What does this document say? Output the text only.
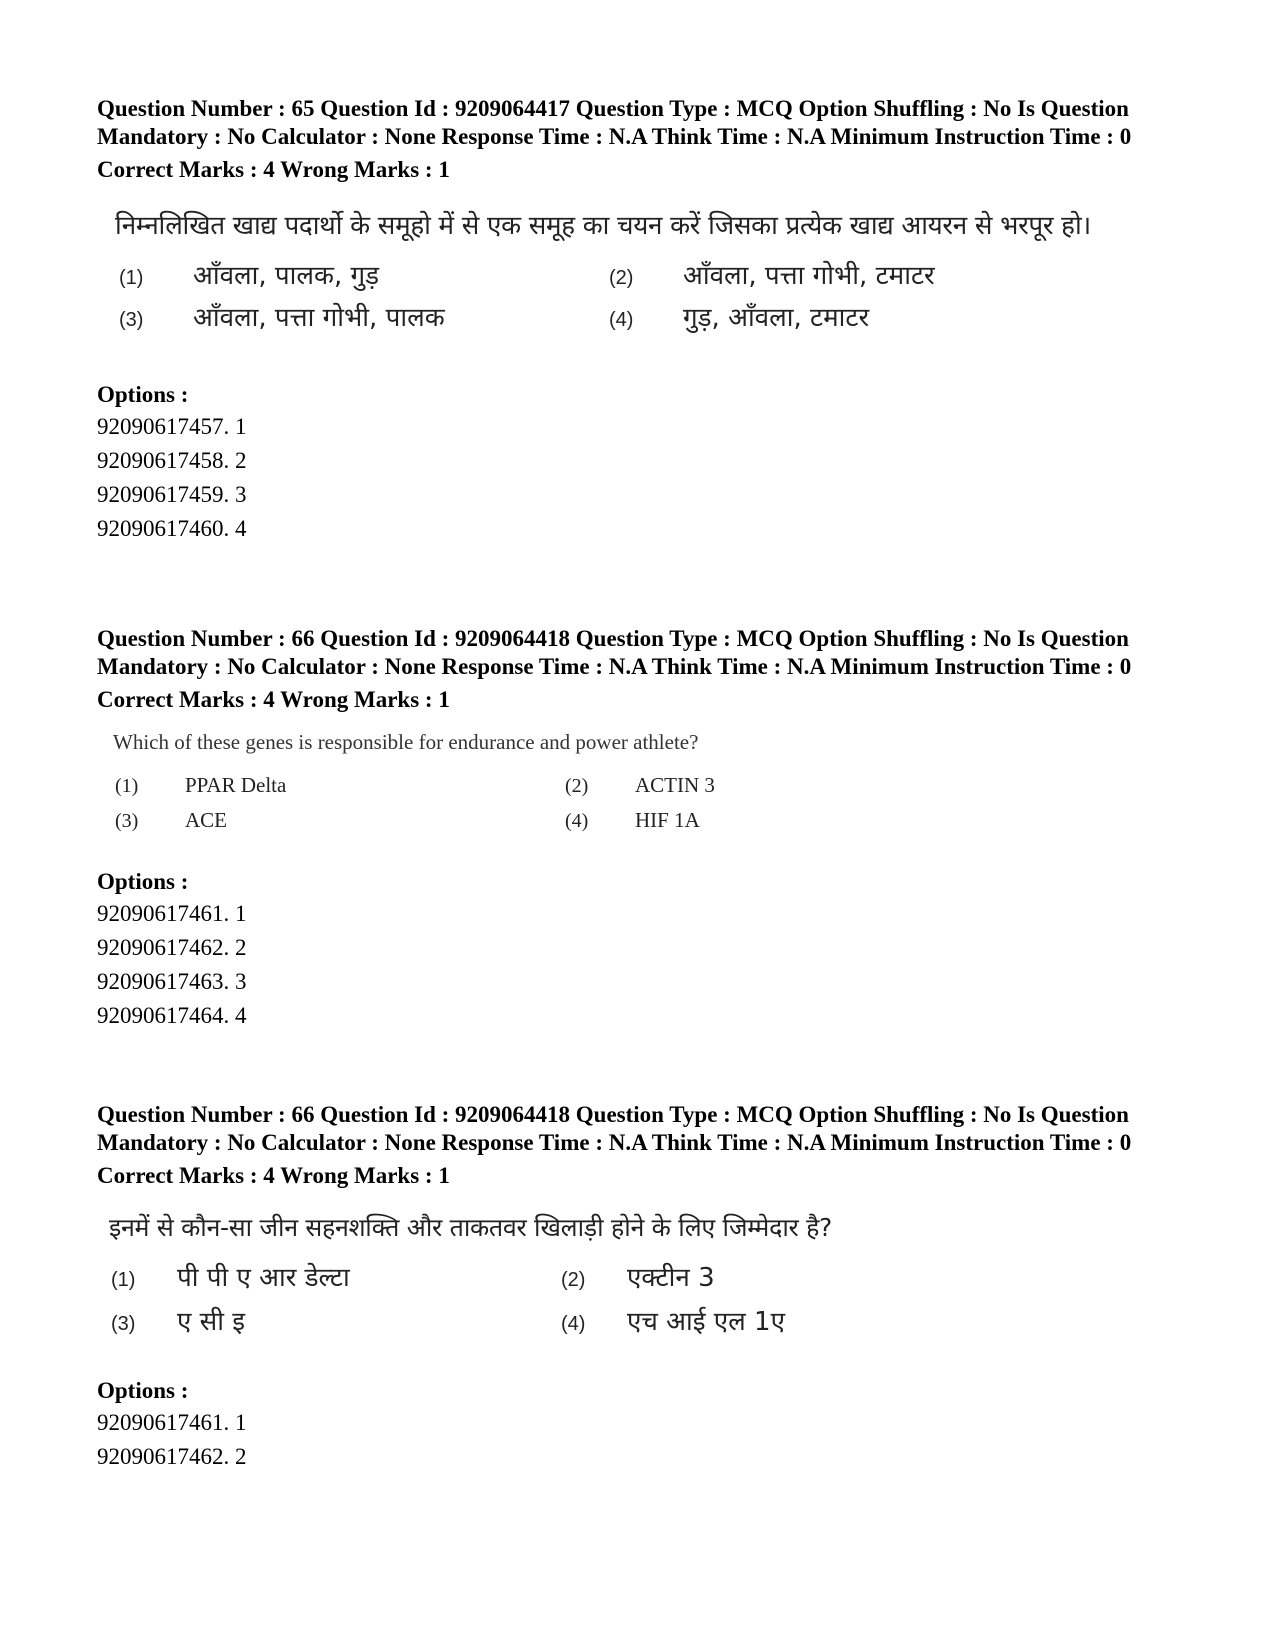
Question Number : 65 Question Id : 9209064417 Question Type : MCQ Option Shuffling : No Is Question Mandatory : No Calculator : None Response Time : N.A Think Time : N.A Minimum Instruction Time : 0

Correct Marks : 4 Wrong Marks : 1

निम्नलिखित खाद्य पदार्थो के समूहो में से एक समूह का चयन करें जिसका प्रत्येक खाद्य आयरन से भरपूर हो।

(1)	आँवला, पालक, गुड़	(2)	आँवला, पत्ता गोभी, टमाटर
(3)	आँवला, पत्ता गोभी, पालक	(4)	गुड़, आँवला, टमाटर

Options :

92090617457. 1

92090617458. 2

92090617459. 3

92090617460. 4

Question Number : 66 Question Id : 9209064418 Question Type : MCQ Option Shuffling : No Is Question Mandatory : No Calculator : None Response Time : N.A Think Time : N.A Minimum Instruction Time : 0

Correct Marks : 4 Wrong Marks : 1

Which of these genes is responsible for endurance and power athlete?

(1)	PPAR Delta	(2)	ACTIN 3
(3)	ACE	(4)	HIF 1A

Options :

92090617461. 1

92090617462. 2

92090617463. 3

92090617464. 4

Question Number : 66 Question Id : 9209064418 Question Type : MCQ Option Shuffling : No Is Question Mandatory : No Calculator : None Response Time : N.A Think Time : N.A Minimum Instruction Time : 0

Correct Marks : 4 Wrong Marks : 1

इनमें से कौन-सा जीन सहनशक्ति और ताकतवर खिलाड़ी होने के लिए जिम्मेदार है?

(1)	पी पी ए आर डेल्टा	(2)	एक्टीन 3
(3)	ए सी इ	(4)	एच आई एल 1ए

Options :

92090617461. 1

92090617462. 2
